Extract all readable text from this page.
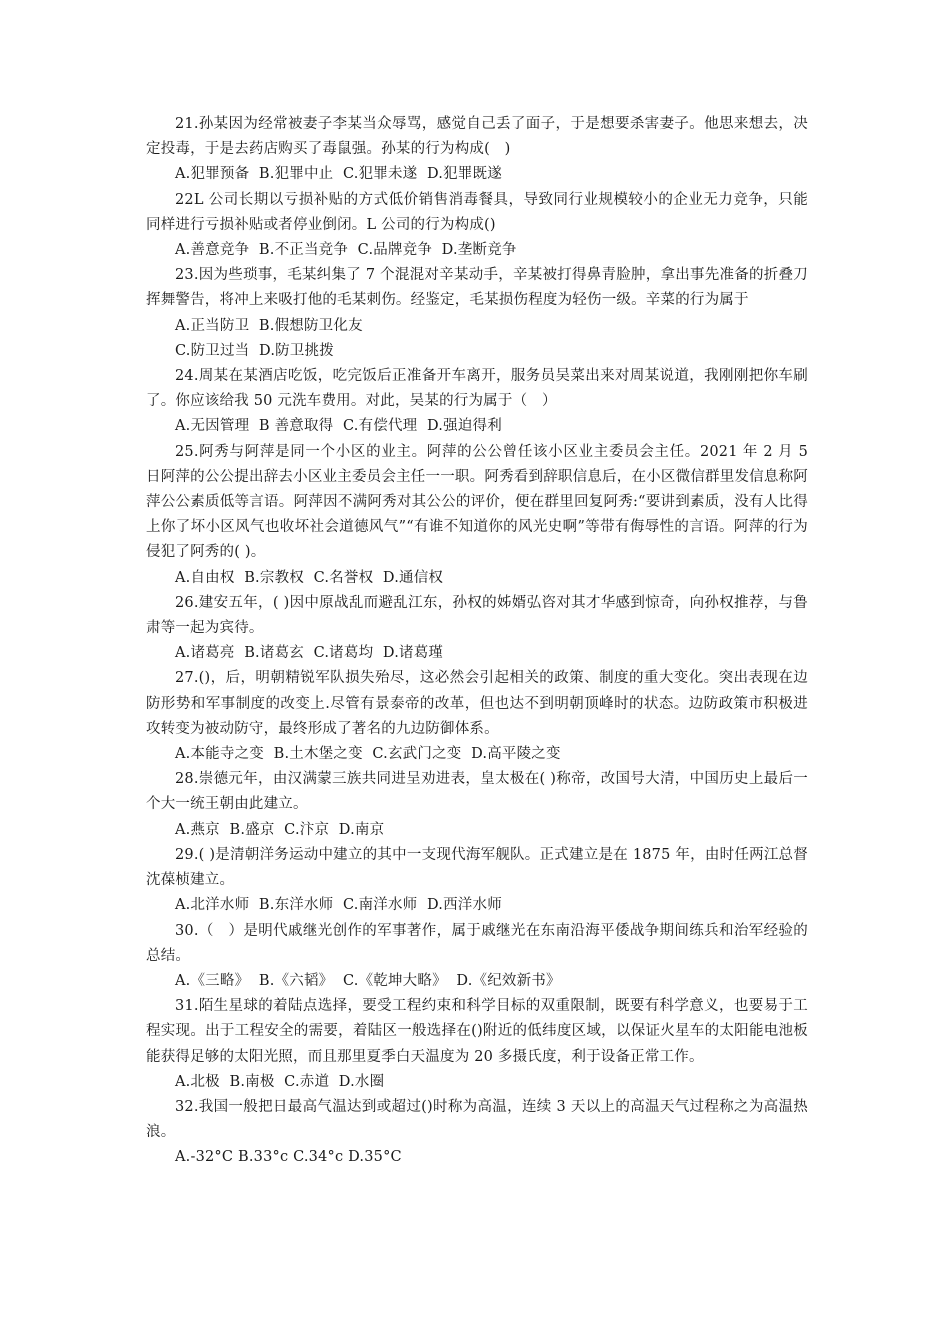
21.孙某因为经常被妻子李某当众辱骂，感觉自己丢了面子，于是想要杀害妻子。他思来想去，决定投毒，于是去药店购买了毒鼠强。孙某的行为构成(　)

A.犯罪预备  B.犯罪中止  C.犯罪未遂  D.犯罪既遂

22L 公司长期以亏损补贴的方式低价销售消毒餐具，导致同行业规模较小的企业无力竞争，只能同样进行亏损补贴或者停业倒闭。L 公司的行为构成()

A.善意竞争  B.不正当竞争  C.品牌竞争  D.垄断竞争

23.因为些琐事，毛某纠集了 7 个混混对辛某动手，辛某被打得鼻青脸肿，拿出事先准备的折叠刀挥舞警告，将冲上来吸打他的毛某刺伤。经鉴定，毛某损伤程度为轻伤一级。辛菜的行为属于

A.正当防卫  B.假想防卫化友

C.防卫过当  D.防卫挑拨

24.周某在某酒店吃饭，吃完饭后正准备开车离开，服务员吴菜出来对周某说道，我刚刚把你车刷了。你应该给我 50 元洗车费用。对此，吴某的行为属于（　）

A.无因管理  B 善意取得  C.有偿代理  D.强迫得利

25.阿秀与阿萍是同一个小区的业主。阿萍的公公曾任该小区业主委员会主任。2021 年 2 月 5 日阿萍的公公提出辞去小区业主委员会主任一一职。阿秀看到辞职信息后，在小区微信群里发信息称阿萍公公素质低等言语。阿萍因不满阿秀对其公公的评价，便在群里回复阿秀:“要讲到素质，没有人比得上你了坏小区风气也收坏社会道德风气”“有谁不知道你的风光史啊”等带有侮辱性的言语。阿萍的行为侵犯了阿秀的( )。

A.自由权  B.宗教权  C.名誉权  D.通信权

26.建安五年，( )因中原战乱而避乱江东，孙权的姊婿弘咨对其才华感到惊奇，向孙权推荐，与鲁肃等一起为宾待。

A.诸葛亮  B.诸葛玄  C.诸葛均  D.诸葛瑾

27.()，后，明朝精锐军队损失殆尽，这必然会引起相关的政策、制度的重大变化。突出表现在边防形势和军事制度的改变上.尽管有景泰帝的改革，但也达不到明朝顶峰时的状态。边防政策市积极进攻转变为被动防守，最终形成了著名的九边防御体系。

A.本能寺之变  B.土木堡之变  C.玄武门之变  D.高平陵之变

28.崇德元年，由汉满蒙三族共同进呈劝进表，皇太极在( )称帝，改国号大清，中国历史上最后一个大一统王朝由此建立。

A.燕京  B.盛京  C.汴京  D.南京

29.( )是清朝洋务运动中建立的其中一支现代海军舰队。正式建立是在 1875 年，由时任两江总督沈葆桢建立。

A.北洋水师  B.东洋水师  C.南洋水师  D.西洋水师

30.（　）是明代戚继光创作的军事著作，属于戚继光在东南沿海平倭战争期间练兵和治军经验的总结。

A.《三略》  B.《六韬》  C.《乾坤大略》  D.《纪效新书》

31.陌生星球的着陆点选择，要受工程约束和科学目标的双重限制，既要有科学意义，也要易于工程实现。出于工程安全的需要，着陆区一般选择在()附近的低纬度区域，以保证火星车的太阳能电池板能获得足够的太阳光照，而且那里夏季白天温度为 20 多摄氏度，利于设备正常工作。

A.北极  B.南极  C.赤道  D.水圈

32.我国一般把日最高气温达到或超过()时称为高温，连续 3 天以上的高温天气过程称之为高温热浪。

A.-32°C B.33°c C.34°c D.35°C
